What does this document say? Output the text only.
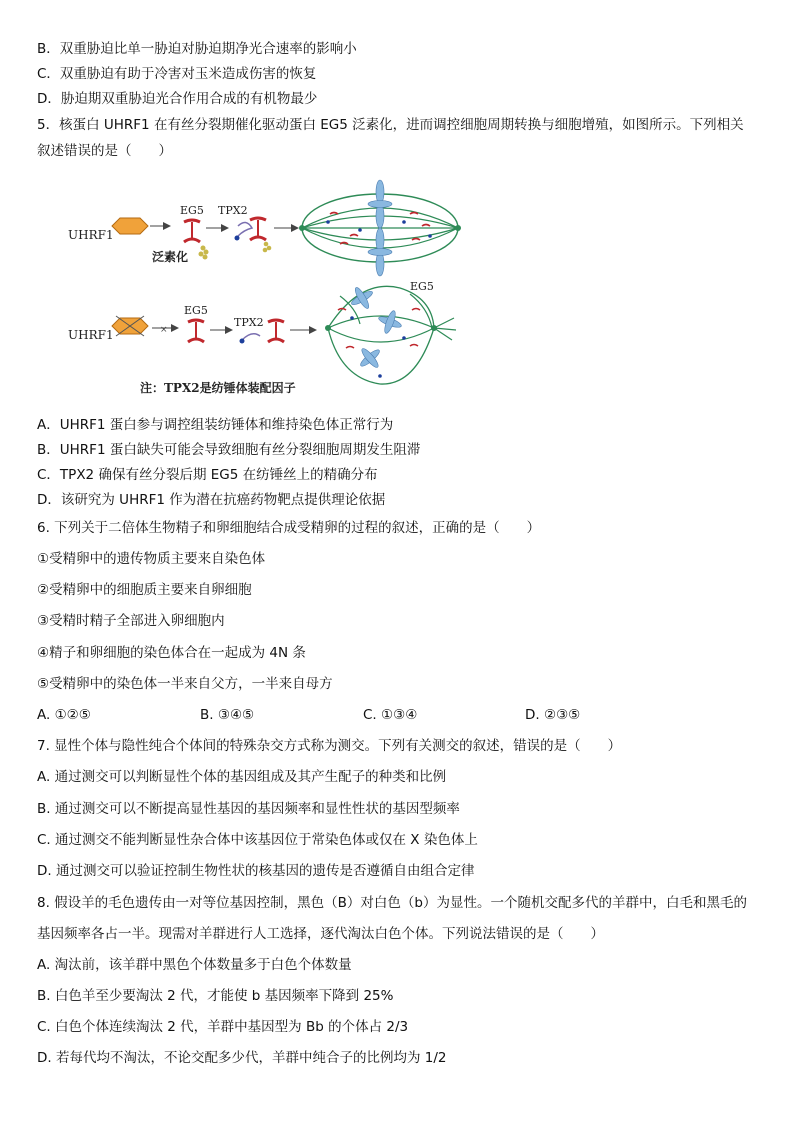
B．双重胁迫比单一胁迫对胁迫期净光合速率的影响小
C．双重胁迫有助于冷害对玉米造成伤害的恢复
D．胁迫期双重胁迫光合作用合成的有机物最少
5．核蛋白 UHRF1 在有丝分裂期催化驱动蛋白 EG5 泛素化，进而调控细胞周期转换与细胞增殖，如图所示。下列相关叙述错误的是（　　）
UHRF1
EG5
泛素化
TPX2
UHRF1	×
EG5
TPX2
EG5
注：TPX2是纺锤体装配因子
A．UHRF1 蛋白参与调控组装纺锤体和维持染色体正常行为
B．UHRF1 蛋白缺失可能会导致细胞有丝分裂细胞周期发生阻滞
C．TPX2 确保有丝分裂后期 EG5 在纺锤丝上的精确分布
D．该研究为 UHRF1 作为潜在抗癌药物靶点提供理论依据
6. 下列关于二倍体生物精子和卵细胞结合成受精卵的过程的叙述，正确的是（　　）
①受精卵中的遗传物质主要来自染色体
②受精卵中的细胞质主要来自卵细胞
③受精时精子全部进入卵细胞内
④精子和卵细胞的染色体合在一起成为 4N 条
⑤受精卵中的染色体一半来自父方，一半来自母方
A. ①②⑤	B. ③④⑤	C. ①③④	D. ②③⑤
7. 显性个体与隐性纯合个体间的特殊杂交方式称为测交。下列有关测交的叙述，错误的是（　　）
A. 通过测交可以判断显性个体的基因组成及其产生配子的种类和比例
B. 通过测交可以不断提高显性基因的基因频率和显性性状的基因型频率
C. 通过测交不能判断显性杂合体中该基因位于常染色体或仅在 X 染色体上
D. 通过测交可以验证控制生物性状的核基因的遗传是否遵循自由组合定律
8. 假设羊的毛色遗传由一对等位基因控制，黑色（B）对白色（b）为显性。一个随机交配多代的羊群中，白毛和黑毛的基因频率各占一半。现需对羊群进行人工选择，逐代淘汰白色个体。下列说法错误的是（　　）
A. 淘汰前，该羊群中黑色个体数量多于白色个体数量
B. 白色羊至少要淘汰 2 代，才能使 b 基因频率下降到 25%
C. 白色个体连续淘汰 2 代，羊群中基因型为 Bb 的个体占 2/3
D. 若每代均不淘汰，不论交配多少代，羊群中纯合子的比例均为 1/2
